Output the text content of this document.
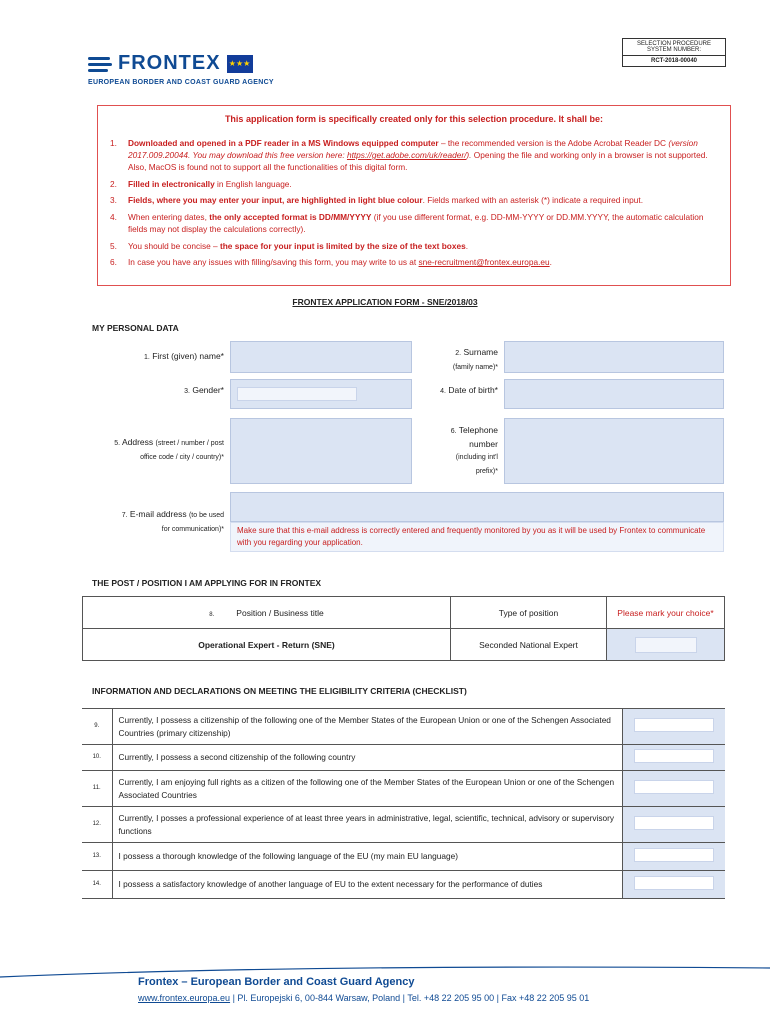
FRONTEX ★★★
EUROPEAN BORDER AND COAST GUARD AGENCY
SELECTION PROCEDURE SYSTEM NUMBER:
RCT-2018-00040
This application form is specifically created only for this selection procedure. It shall be:
1.	Downloaded and opened in a PDF reader in a MS Windows equipped computer – the recommended version is the Adobe Acrobat Reader DC (version 2017.009.20044. You may download this free version here: https://get.adobe.com/uk/reader/). Opening the file and working only in a browser is not supported. Also, MacOS is found not to support all the functionalities of this digital form.
2.	Filled in electronically in English language.
3.	Fields, where you may enter your input, are highlighted in light blue colour. Fields marked with an asterisk (*) indicate a required input.
4.	When entering dates, the only accepted format is DD/MM/YYYY (if you use different format, e.g. DD-MM-YYYY or DD.MM.YYYY, the automatic calculation fields may not display the calculations correctly).
5.	You should be concise – the space for your input is limited by the size of the text boxes.
6.	In case you have any issues with filling/saving this form, you may write to us at sne-recruitment@frontex.europa.eu.
FRONTEX APPLICATION FORM - SNE/2018/03
MY PERSONAL DATA
1. First (given) name*	2. Surname
(family name)*
3. Gender*	4. Date of birth*
5. Address (street / number / post
office code / city / country)*
6. Telephone
number
(including int'l
prefix)*
7. E-mail address (to be used
for communication)*	Make sure that this e-mail address is correctly entered and frequently monitored by you as it will be used by Frontex to communicate with you regarding your application.
THE POST / POSITION I AM APPLYING FOR IN FRONTEX
8. Position / Business title	Type of position	Please mark your choice*
Operational Expert - Return (SNE)	Seconded National Expert	
INFORMATION AND DECLARATIONS ON MEETING THE ELIGIBILITY CRITERIA (CHECKLIST)
9.	Currently, I possess a citizenship of the following one of the Member States of the European Union or one of the Schengen Associated Countries (primary citizenship)	
10.	Currently, I possess a second citizenship of the following country	
11.	Currently, I am enjoying full rights as a citizen of the following one of the Member States of the European Union or one of the Schengen Associated Countries	
12.	Currently, I posses a professional experience of at least three years in administrative, legal, scientific, technical, advisory or supervisory functions	
13.	I possess a thorough knowledge of the following language of the EU (my main EU language)	
14.	I possess a satisfactory knowledge of another language of EU to the extent necessary for the performance of duties	
Frontex – European Border and Coast Guard Agency
www.frontex.europa.eu | Pl. Europejski 6, 00-844 Warsaw, Poland | Tel. +48 22 205 95 00 | Fax +48 22 205 95 01
